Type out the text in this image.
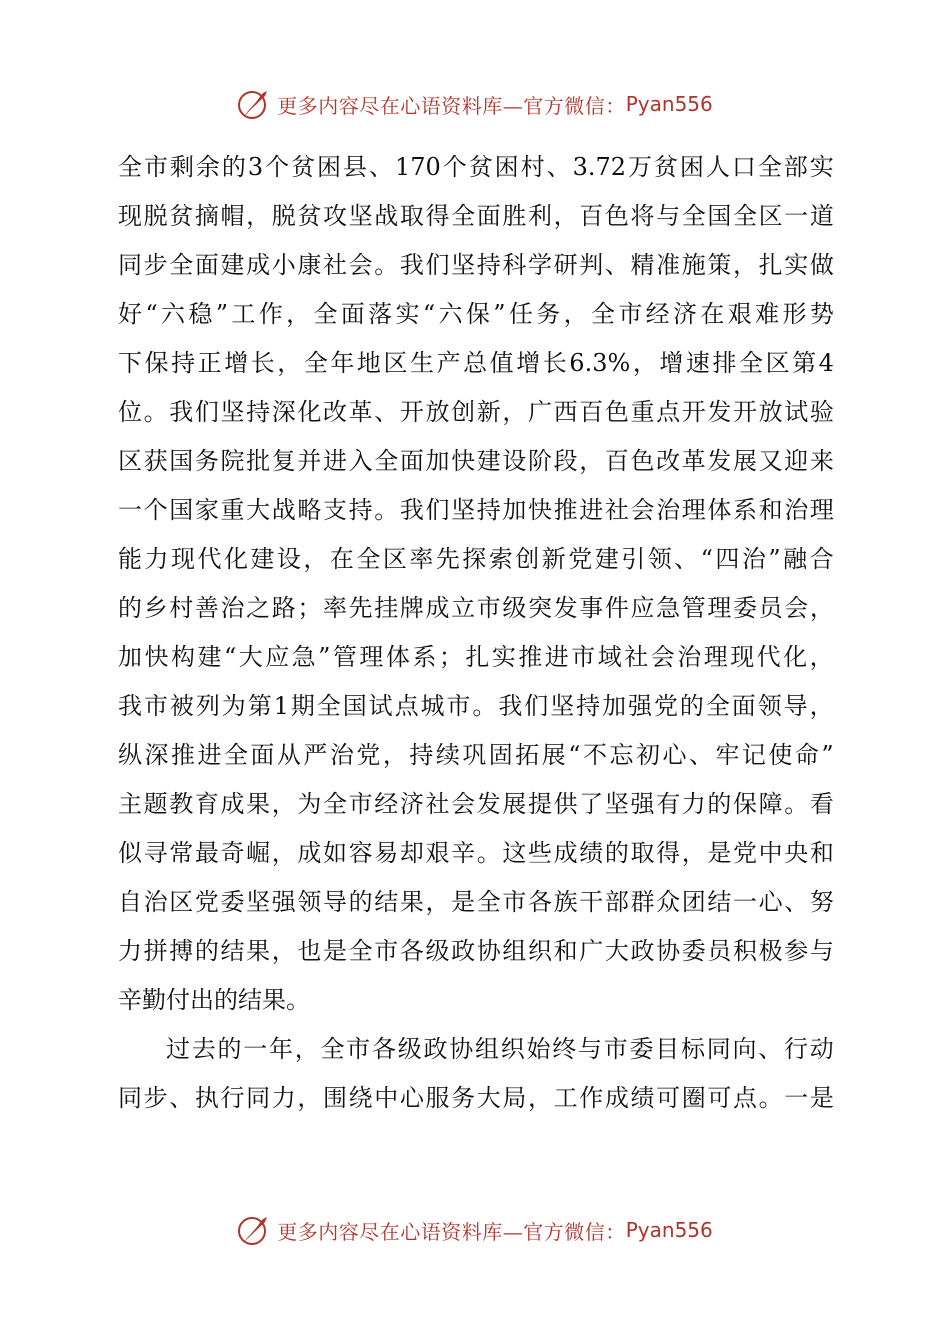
更多内容尽在心语资料库—官方微信： Pyan556
全 市 剩 余 的 3 个 贫 困 县 、 170 个 贫 困 村 、 3.72 万 贫 困 人 口 全 部 实
现 脱 贫 摘 帽 ， 脱 贫 攻 坚 战 取 得 全 面 胜 利 ， 百 色 将 与 全 国 全 区 一 道
同 步 全 面 建 成 小 康 社 会 。 我 们 坚 持 科 学 研 判 、 精 准 施 策 ， 扎 实 做
好 “ 六 稳 ” 工 作 ， 全 面 落 实 “ 六 保 ” 任 务 ， 全 市 经 济 在 艰 难 形 势
下 保 持 正 增 长 ， 全 年 地 区 生 产 总 值 增 长 6.3% ， 增 速 排 全 区 第 4
位 。 我 们 坚 持 深 化 改 革 、 开 放 创 新 ， 广 西 百 色 重 点 开 发 开 放 试 验
区 获 国 务 院 批 复 并 进 入 全 面 加 快 建 设 阶 段 ， 百 色 改 革 发 展 又 迎 来
一 个 国 家 重 大 战 略 支 持 。 我 们 坚 持 加 快 推 进 社 会 治 理 体 系 和 治 理
能 力 现 代 化 建 设 ， 在 全 区 率 先 探 索 创 新 党 建 引 领 、 “ 四 治 ” 融 合
的 乡 村 善 治 之 路 ； 率 先 挂 牌 成 立 市 级 突 发 事 件 应 急 管 理 委 员 会 ，
加 快 构 建 “ 大 应 急 ” 管 理 体 系 ； 扎 实 推 进 市 域 社 会 治 理 现 代 化 ，
我 市 被 列 为 第 1 期 全 国 试 点 城 市 。 我 们 坚 持 加 强 党 的 全 面 领 导 ，
纵 深 推 进 全 面 从 严 治 党 ， 持 续 巩 固 拓 展 “ 不 忘 初 心 、 牢 记 使 命 ”
主 题 教 育 成 果 ， 为 全 市 经 济 社 会 发 展 提 供 了 坚 强 有 力 的 保 障 。 看
似 寻 常 最 奇 崛 ， 成 如 容 易 却 艰 辛 。 这 些 成 绩 的 取 得 ， 是 党 中 央 和
自 治 区 党 委 坚 强 领 导 的 结 果 ， 是 全 市 各 族 干 部 群 众 团 结 一 心 、 努
力 拼 搏 的 结 果 ， 也 是 全 市 各 级 政 协 组 织 和 广 大 政 协 委 员 积 极 参 与
辛勤付出的结果。
过 去 的 一 年 ， 全 市 各 级 政 协 组 织 始 终 与 市 委 目 标 同 向 、 行 动
同 步 、 执 行 同 力 ， 围 绕 中 心 服 务 大 局 ， 工 作 成 绩 可 圈 可 点 。 一 是
更多内容尽在心语资料库—官方微信： Pyan556
